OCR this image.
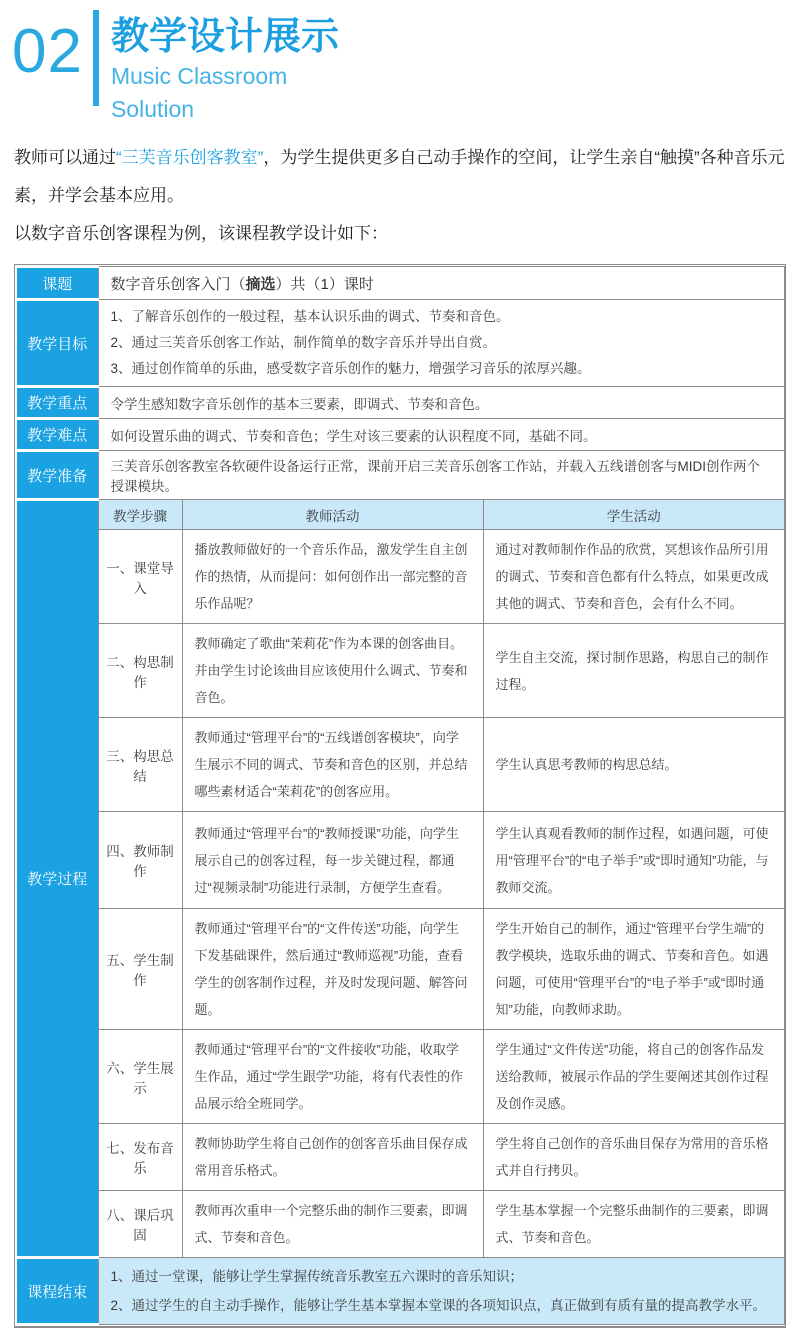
02 教学设计展示
Music Classroom
Solution

教师可以通过“三芙音乐创客教室”，为学生提供更多自己动手操作的空间，让学生亲自“触摸”各种音乐元素，并学会基本应用。

以数字音乐创客课程为例，该课程教学设计如下：

课题	数字音乐创客入门（摘选）共（1）课时		
教学目标	1、了解音乐创作的一般过程，基本认识乐曲的调式、节奏和音色。
2、通过三芙音乐创客工作站，制作简单的数字音乐并导出自赏。
3、通过创作简单的乐曲，感受数字音乐创作的魅力，增强学习音乐的浓厚兴趣。		

教学重点	令学生感知数字音乐创作的基本三要素，即调式、节奏和音色。		
教学难点	如何设置乐曲的调式、节奏和音色；学生对该三要素的认识程度不同，基础不同。		
教学准备	三芙音乐创客教室各软硬件设备运行正常，课前开启三芙音乐创客工作站，并载入五线谱创客与MIDI创作两个授课模块。		
教学过程	教学步骤	教师活动	学生活动
	一、课堂导入	播放教师做好的一个音乐作品，激发学生自主创作的热情，从而提问：如何创作出一部完整的音乐作品呢？	通过对教师制作作品的欣赏，冥想该作品所引用的调式、节奏和音色都有什么特点，如果更改成其他的调式、节奏和音色，会有什么不同。
	二、构思制作	教师确定了歌曲“茉莉花”作为本课的创客曲目。并由学生讨论该曲目应该使用什么调式、节奏和音色。	学生自主交流，探讨制作思路，构思自己的制作过程。
	三、构思总结	教师通过“管理平台”的“五线谱创客模块”，向学生展示不同的调式、节奏和音色的区别，并总结哪些素材适合“茉莉花”的创客应用。	学生认真思考教师的构思总结。
	四、教师制作	教师通过“管理平台”的“教师授课”功能，向学生展示自己的创客过程，每一步关键过程，都通过“视频录制”功能进行录制，方便学生查看。	学生认真观看教师的制作过程，如遇问题，可使用“管理平台”的“电子举手”或“即时通知”功能，与教师交流。
	五、学生制作	教师通过“管理平台”的“文件传送”功能，向学生下发基础课件，然后通过“教师巡视”功能，查看学生的创客制作过程，并及时发现问题、解答问题。	学生开始自己的制作，通过“管理平台学生端”的教学模块，选取乐曲的调式、节奏和音色。如遇问题，可使用“管理平台”的“电子举手”或“即时通知”功能，向教师求助。
	六、学生展示	教师通过“管理平台”的“文件接收”功能，收取学生作品，通过“学生跟学”功能，将有代表性的作品展示给全班同学。	学生通过“文件传送”功能，将自己的创客作品发送给教师，被展示作品的学生要阐述其创作过程及创作灵感。
	七、发布音乐	教师协助学生将自己创作的创客音乐曲目保存成常用音乐格式。	学生将自己创作的音乐曲目保存为常用的音乐格式并自行拷贝。
	八、课后巩固	教师再次重申一个完整乐曲的制作三要素，即调式、节奏和音色。	学生基本掌握一个完整乐曲制作的三要素，即调式、节奏和音色。
课程结束	1、通过一堂课，能够让学生掌握传统音乐教室五六课时的音乐知识；
2、通过学生的自主动手操作，能够让学生基本掌握本堂课的各项知识点，真正做到有质有量的提高教学水平。		
